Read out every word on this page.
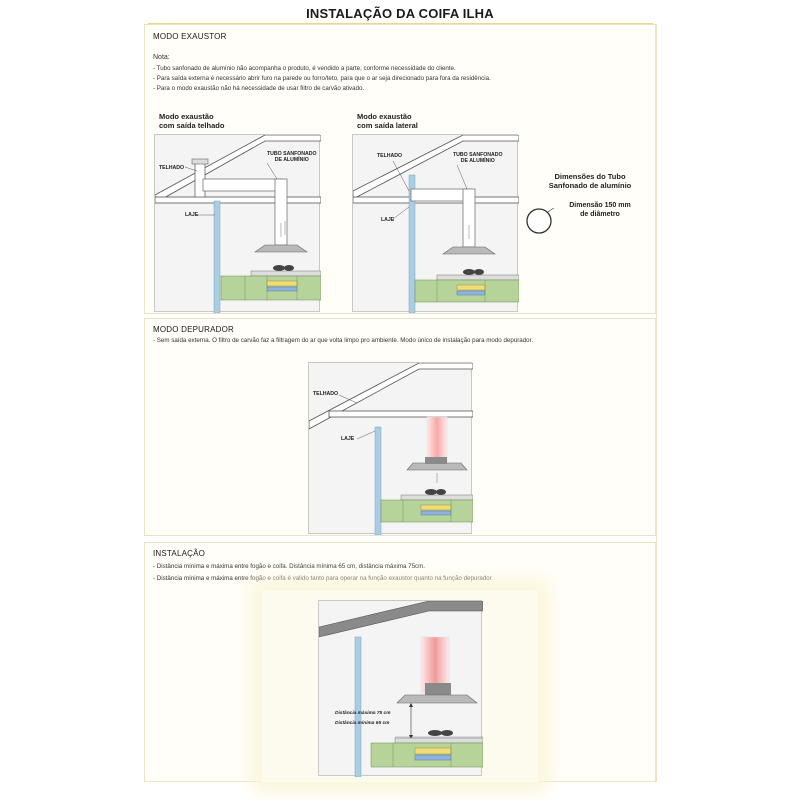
INSTALAÇÃO DA COIFA ILHA
MODO EXAUSTOR
Nota:
- Tubo sanfonado de alumínio não acompanha o produto, é vendido a parte, conforme necessidade do cliente.
- Para saída externa é necessário abrir furo na parede ou forro/teto, para que o ar seja direcionado para fora da residência.
- Para o modo exaustão não há necessidade de usar filtro de carvão ativado.
Modo exaustão
com saída telhado
Modo exaustão
com saída lateral
TELHADO
TUBO SANFONADO
DE ALUMÍNIO
LAJE
TELHADO	TUBO SANFONADO
DE ALUMÍNIO
LAJE
Dimensões do Tubo
Sanfonado de alumínio
Dimensão 150 mm
de diâmetro
MODO DEPURADOR
- Sem saída externa. O filtro de carvão faz a filtragem do ar que volta limpo pro ambiente. Modo único de instalação para modo depurador.
TELHADO
LAJE
INSTALAÇÃO
- Distância mínima e máxima entre fogão e coifa. Distância mínima 65 cm, distância máxima 75cm.
- Distância mínima e máxima entre fogão e coifa é valido tanto para operar na função exaustor quanto na função depurador
Distância máxima 75 cm
Distância mínima 65 cm
